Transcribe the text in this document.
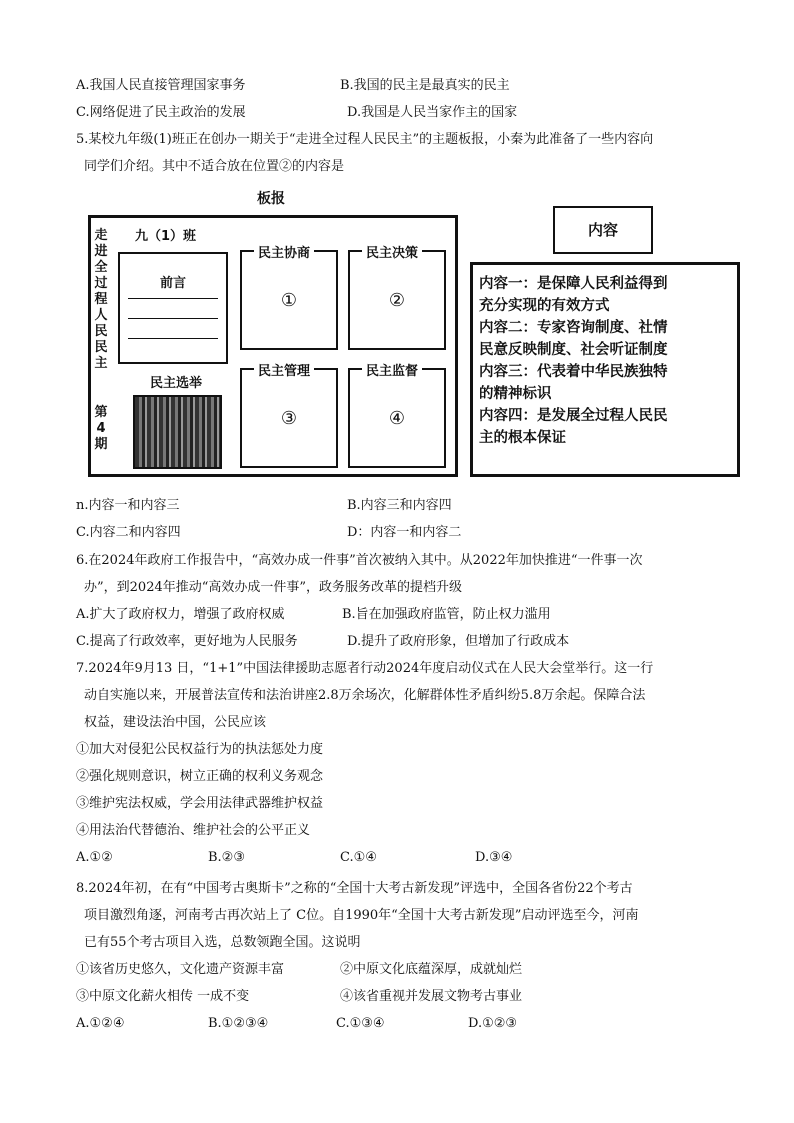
A.我国人民直接管理国家事务	B.我国的民主是最真实的民主
C.网络促进了民主政治的发展	D.我国是人民当家作主的国家
5.某校九年级(1)班正在创办一期关于“走进全过程人民民主”的主题板报，小秦为此准备了一些内容向
同学们介绍。其中不适合放在位置②的内容是
板报
走进全过程人民民主
第4期
九（1）班
前言
民主选举
民主协商
①
民主决策
②
民主管理
③
民主监督
④
内容
内容一：是保障人民利益得到
充分实现的有效方式
内容二：专家咨询制度、社情
民意反映制度、社会听证制度
内容三：代表着中华民族独特
的精神标识
内容四：是发展全过程人民民
主的根本保证
n.内容一和内容三	B.内容三和内容四
C.内容二和内容四	D：内容一和内容二
6.在2024年政府工作报告中，“高效办成一件事”首次被纳入其中。从2022年加快推进“一件事一次
办”，到2024年推动“高效办成一件事”，政务服务改革的提档升级
A.扩大了政府权力，增强了政府权威	B.旨在加强政府监管，防止权力滥用
C.提高了行政效率，更好地为人民服务	D.提升了政府形象，但增加了行政成本
7.2024年9月13 日，“1+1”中国法律援助志愿者行动2024年度启动仪式在人民大会堂举行。这一行
动自实施以来，开展普法宣传和法治讲座2.8万余场次，化解群体性矛盾纠纷5.8万余起。保障合法
权益，建设法治中国，公民应该
①加大对侵犯公民权益行为的执法惩处力度
②强化规则意识，树立正确的权利义务观念
③维护宪法权威，学会用法律武器维护权益
④用法治代替德治、维护社会的公平正义
A.①②	B.②③	C.①④	D.③④
8.2024年初，在有“中国考古奥斯卡”之称的“全国十大考古新发现”评选中，全国各省份22个考古
项目激烈角逐，河南考古再次站上了 C位。自1990年“全国十大考古新发现”启动评选至今，河南
已有55个考古项目入选，总数领跑全国。这说明
①该省历史悠久，文化遗产资源丰富	②中原文化底蕴深厚，成就灿烂
③中原文化薪火相传 一成不变	④该省重视并发展文物考古事业
A.①②④	B.①②③④	C.①③④	D.①②③
